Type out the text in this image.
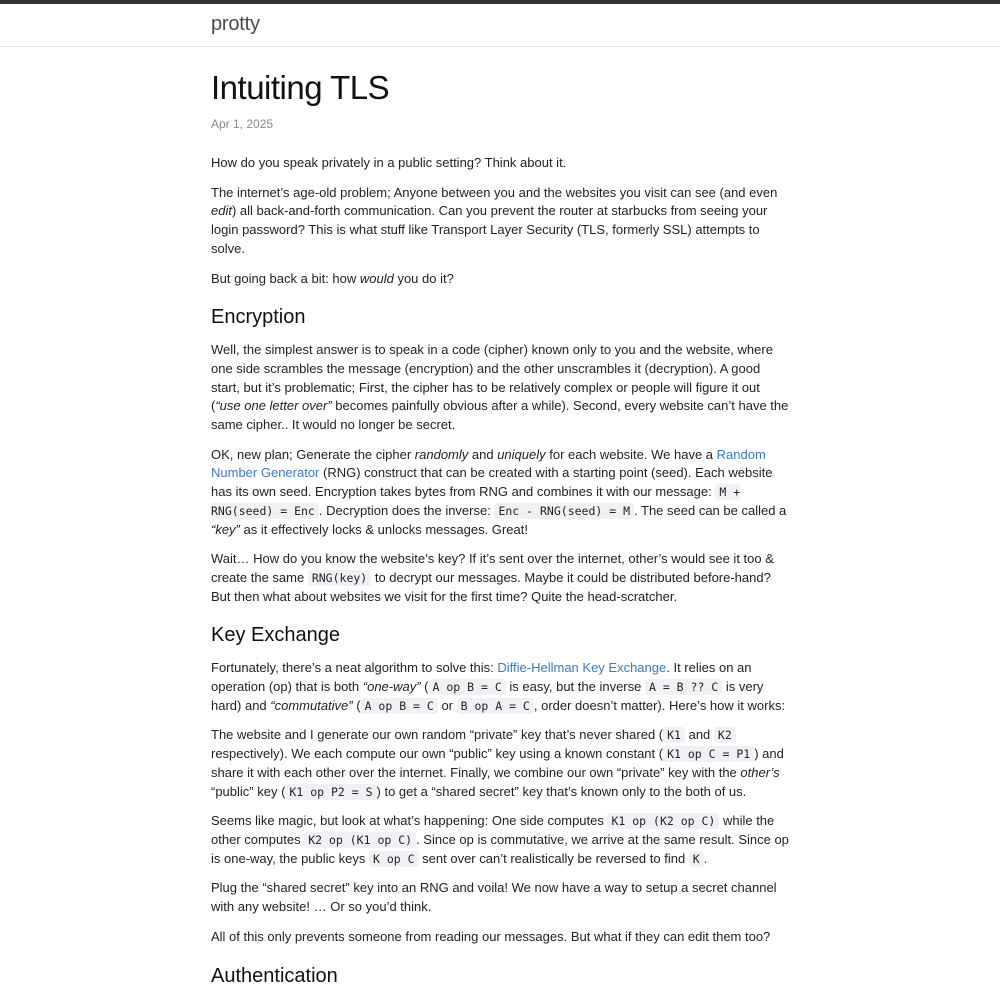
protty
Intuiting TLS
Apr 1, 2025

How do you speak privately in a public setting? Think about it.

The internet’s age-old problem; Anyone between you and the websites you visit can see (and even edit) all back-and-forth communication. Can you prevent the router at starbucks from seeing your login password? This is what stuff like Transport Layer Security (TLS, formerly SSL) attempts to solve.

But going back a bit: how would you do it?

Encryption

Well, the simplest answer is to speak in a code (cipher) known only to you and the website, where one side scrambles the message (encryption) and the other unscrambles it (decryption). A good start, but it’s problematic; First, the cipher has to be relatively complex or people will figure it out (“use one letter over” becomes painfully obvious after a while). Second, every website can’t have the same cipher.. It would no longer be secret.

OK, new plan; Generate the cipher randomly and uniquely for each website. We have a Random Number Generator (RNG) construct that can be created with a starting point (seed). Each website has its own seed. Encryption takes bytes from RNG and combines it with our message: M + RNG(seed) = Enc . Decryption does the inverse: Enc - RNG(seed) = M . The seed can be called a “key” as it effectively locks & unlocks messages. Great!

Wait… How do you know the website’s key? If it’s sent over the internet, other’s would see it too & create the same RNG(key) to decrypt our messages. Maybe it could be distributed before-hand? But then what about websites we visit for the first time? Quite the head-scratcher.

Key Exchange

Fortunately, there’s a neat algorithm to solve this: Diffie-Hellman Key Exchange. It relies on an operation (op) that is both “one-way” ( A op B = C is easy, but the inverse A = B ?? C is very hard) and “commutative” ( A op B = C or B op A = C , order doesn’t matter). Here’s how it works:

The website and I generate our own random “private” key that’s never shared ( K1 and K2 respectively). We each compute our own “public” key using a known constant ( K1 op C = P1 ) and share it with each other over the internet. Finally, we combine our own “private” key with the other’s “public” key ( K1 op P2 = S ) to get a “shared secret” key that’s known only to the both of us.

Seems like magic, but look at what’s happening: One side computes K1 op (K2 op C) while the other computes K2 op (K1 op C) . Since op is commutative, we arrive at the same result. Since op is one-way, the public keys K op C sent over can’t realistically be reversed to find K .

Plug the “shared secret” key into an RNG and voila! We now have a way to setup a secret channel with any website! … Or so you’d think.

All of this only prevents someone from reading our messages. But what if they can edit them too?

Authentication
